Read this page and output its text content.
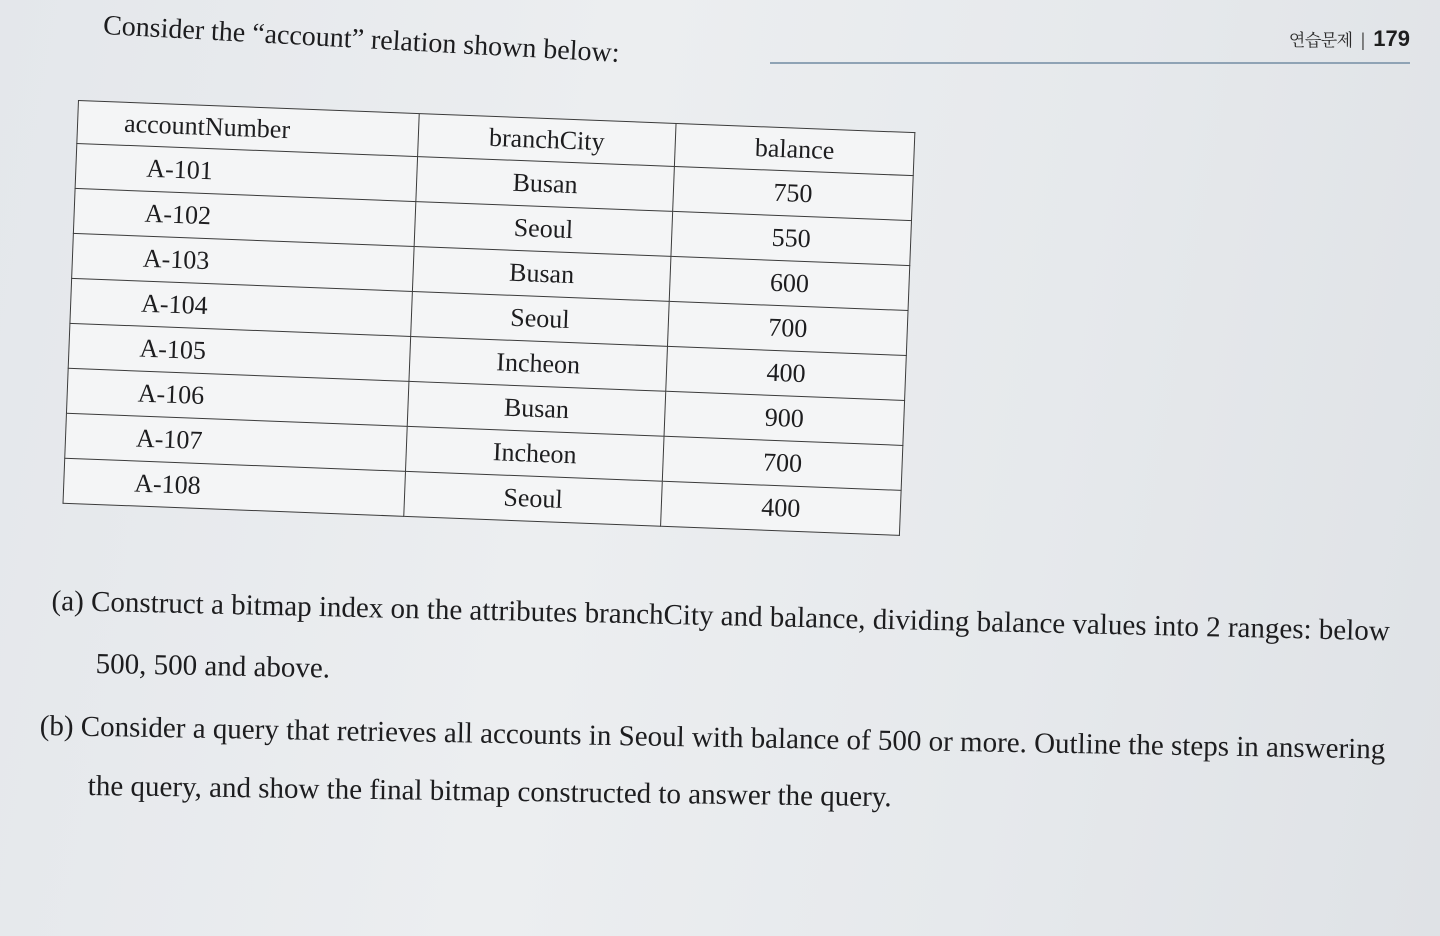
연습문제 | 179
Consider the “account” relation shown below:
accountNumber	branchCity	balance
A-101	Busan	750
A-102	Seoul	550
A-103	Busan	600
A-104	Seoul	700
A-105	Incheon	400
A-106	Busan	900
A-107	Incheon	700
A-108	Seoul	400
(a) Construct a bitmap index on the attributes branchCity and balance, dividing balance values into 2 ranges: below
500, 500 and above.
(b) Consider a query that retrieves all accounts in Seoul with balance of 500 or more. Outline the steps in answering
the query, and show the final bitmap constructed to answer the query.
